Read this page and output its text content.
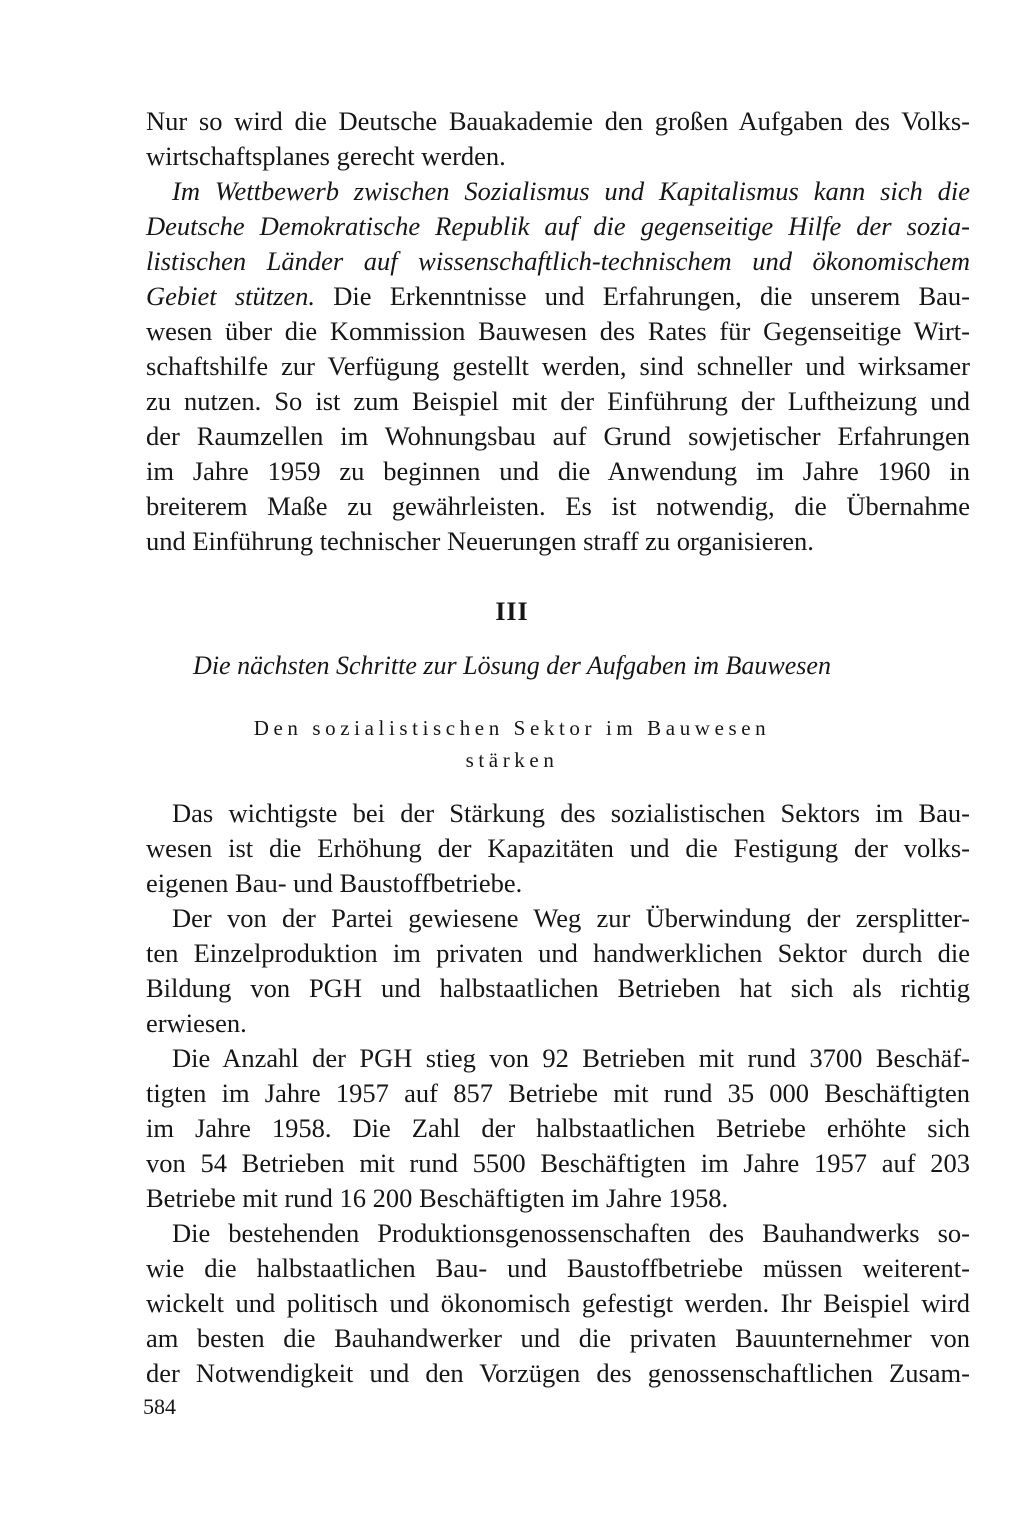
Nur so wird die Deutsche Bauakademie den großen Aufgaben des Volks-
wirtschaftsplanes gerecht werden.
Im Wettbewerb zwischen Sozialismus und Kapitalismus kann sich die
Deutsche Demokratische Republik auf die gegenseitige Hilfe der sozia-
listischen Länder auf wissenschaftlich-technischem und ökonomischem
Gebiet stützen. Die Erkenntnisse und Erfahrungen, die unserem Bau-
wesen über die Kommission Bauwesen des Rates für Gegenseitige Wirt-
schaftshilfe zur Verfügung gestellt werden, sind schneller und wirksamer
zu nutzen. So ist zum Beispiel mit der Einführung der Luftheizung und
der Raumzellen im Wohnungsbau auf Grund sowjetischer Erfahrungen
im Jahre 1959 zu beginnen und die Anwendung im Jahre 1960 in
breiterem Maße zu gewährleisten. Es ist notwendig, die Übernahme
und Einführung technischer Neuerungen straff zu organisieren.
III
Die nächsten Schritte zur Lösung der Aufgaben im Bauwesen
Den sozialistischen Sektor im Bauwesen
stärken
Das wichtigste bei der Stärkung des sozialistischen Sektors im Bau-
wesen ist die Erhöhung der Kapazitäten und die Festigung der volks-
eigenen Bau- und Baustoffbetriebe.
Der von der Partei gewiesene Weg zur Überwindung der zersplitter-
ten Einzelproduktion im privaten und handwerklichen Sektor durch die
Bildung von PGH und halbstaatlichen Betrieben hat sich als richtig
erwiesen.
Die Anzahl der PGH stieg von 92 Betrieben mit rund 3700 Beschäf-
tigten im Jahre 1957 auf 857 Betriebe mit rund 35 000 Beschäftigten
im Jahre 1958. Die Zahl der halbstaatlichen Betriebe erhöhte sich
von 54 Betrieben mit rund 5500 Beschäftigten im Jahre 1957 auf 203
Betriebe mit rund 16 200 Beschäftigten im Jahre 1958.
Die bestehenden Produktionsgenossenschaften des Bauhandwerks so-
wie die halbstaatlichen Bau- und Baustoffbetriebe müssen weiterent-
wickelt und politisch und ökonomisch gefestigt werden. Ihr Beispiel wird
am besten die Bauhandwerker und die privaten Bauunternehmer von
der Notwendigkeit und den Vorzügen des genossenschaftlichen Zusam-
584
